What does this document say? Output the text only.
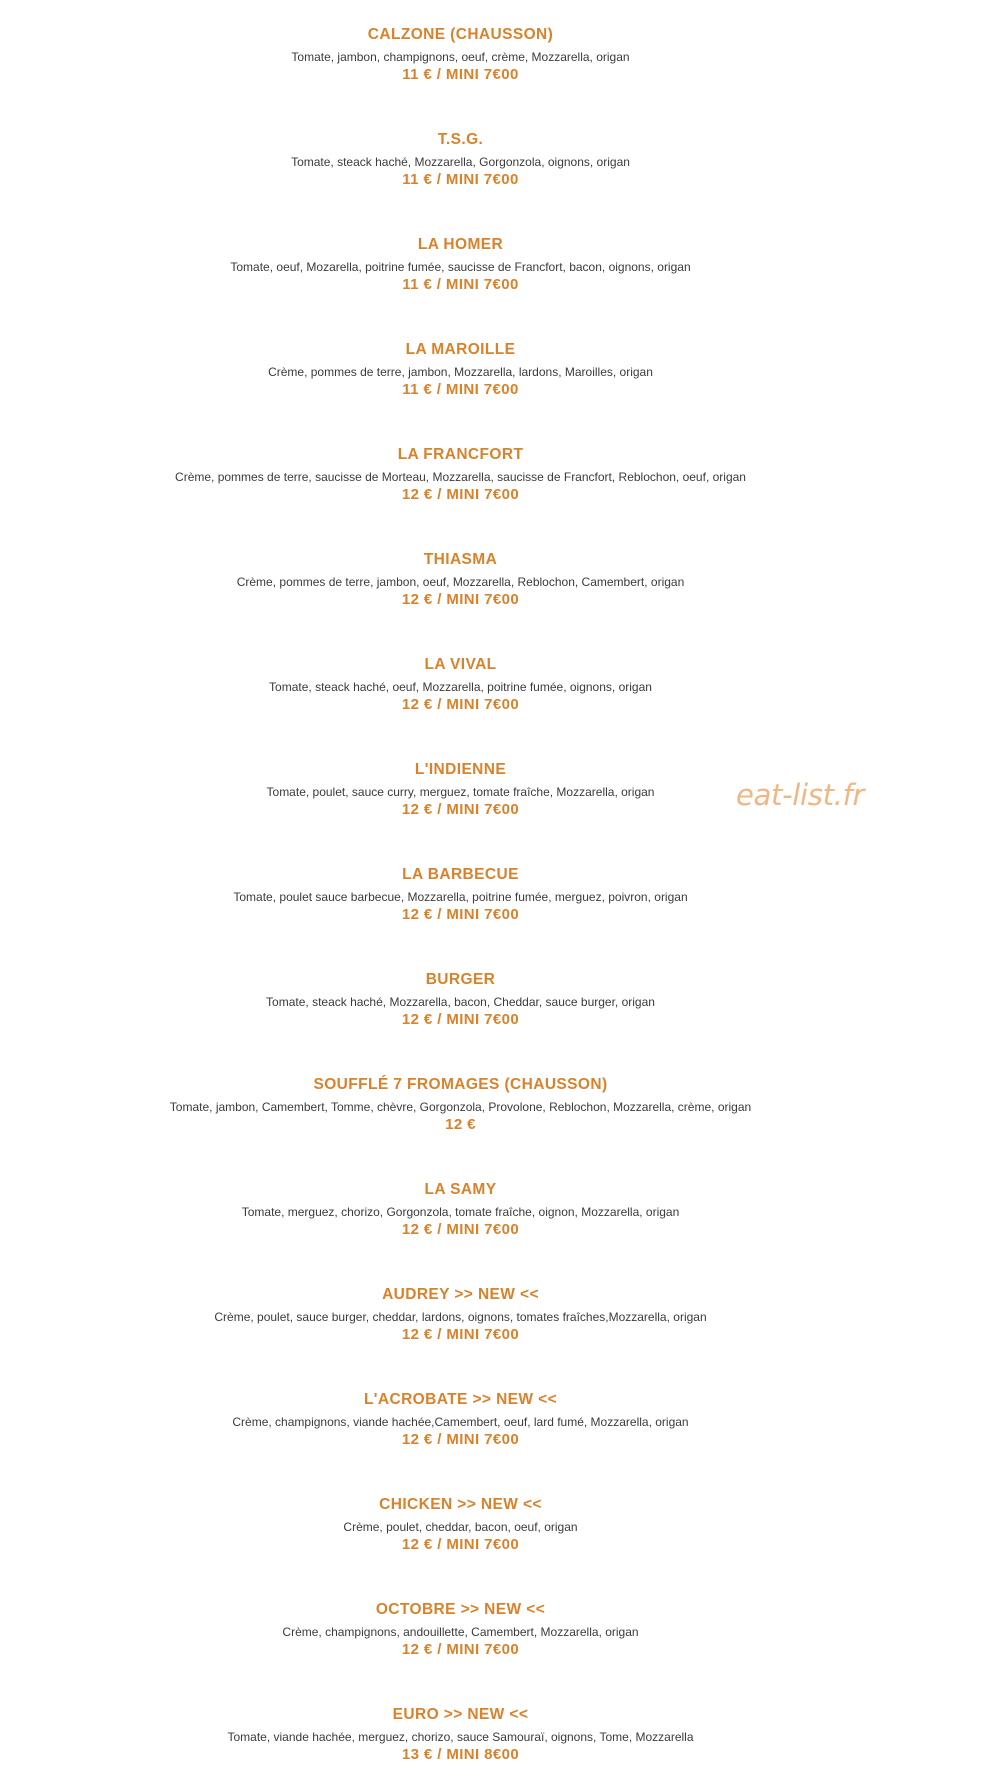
CALZONE (CHAUSSON)
Tomate, jambon, champignons, oeuf, crème, Mozzarella, origan
11 € / MINI 7€00
T.S.G.
Tomate, steack haché, Mozzarella, Gorgonzola, oignons, origan
11 € / MINI 7€00
LA HOMER
Tomate, oeuf, Mozarella, poitrine fumée, saucisse de Francfort, bacon, oignons, origan
11 € / MINI 7€00
LA MAROILLE
Crème, pommes de terre, jambon, Mozzarella, lardons, Maroilles, origan
11 € / MINI 7€00
LA FRANCFORT
Crème, pommes de terre, saucisse de Morteau, Mozzarella, saucisse de Francfort, Reblochon, oeuf, origan
12 € / MINI 7€00
THIASMA
Crème, pommes de terre, jambon, oeuf, Mozzarella, Reblochon, Camembert, origan
12 € / MINI 7€00
LA VIVAL
Tomate, steack haché, oeuf, Mozzarella, poitrine fumée, oignons, origan
12 € / MINI 7€00
L'INDIENNE
Tomate, poulet, sauce curry, merguez, tomate fraîche, Mozzarella, origan
12 € / MINI 7€00
LA BARBECUE
Tomate, poulet sauce barbecue, Mozzarella, poitrine fumée, merguez, poivron, origan
12 € / MINI 7€00
BURGER
Tomate, steack haché, Mozzarella, bacon, Cheddar, sauce burger, origan
12 € / MINI 7€00
SOUFFLÉ 7 FROMAGES (CHAUSSON)
Tomate, jambon, Camembert, Tomme, chèvre, Gorgonzola, Provolone, Reblochon, Mozzarella, crème, origan
12 €
LA SAMY
Tomate, merguez, chorizo, Gorgonzola, tomate fraîche, oignon, Mozzarella, origan
12 € / MINI 7€00
AUDREY >> NEW <<
Crème, poulet, sauce burger, cheddar, lardons, oignons, tomates fraîches,Mozzarella, origan
12 € / MINI 7€00
L'ACROBATE >> NEW <<
Crème, champignons, viande hachée,Camembert, oeuf, lard fumé, Mozzarella, origan
12 € / MINI 7€00
CHICKEN >> NEW <<
Crème, poulet, cheddar, bacon, oeuf, origan
12 € / MINI 7€00
OCTOBRE >> NEW <<
Crème, champignons, andouillette, Camembert, Mozzarella, origan
12 € / MINI 7€00
EURO >> NEW <<
Tomate, viande hachée, merguez, chorizo, sauce Samouraï, oignons, Tome, Mozzarella
13 € / MINI 8€00
eat-list.fr
